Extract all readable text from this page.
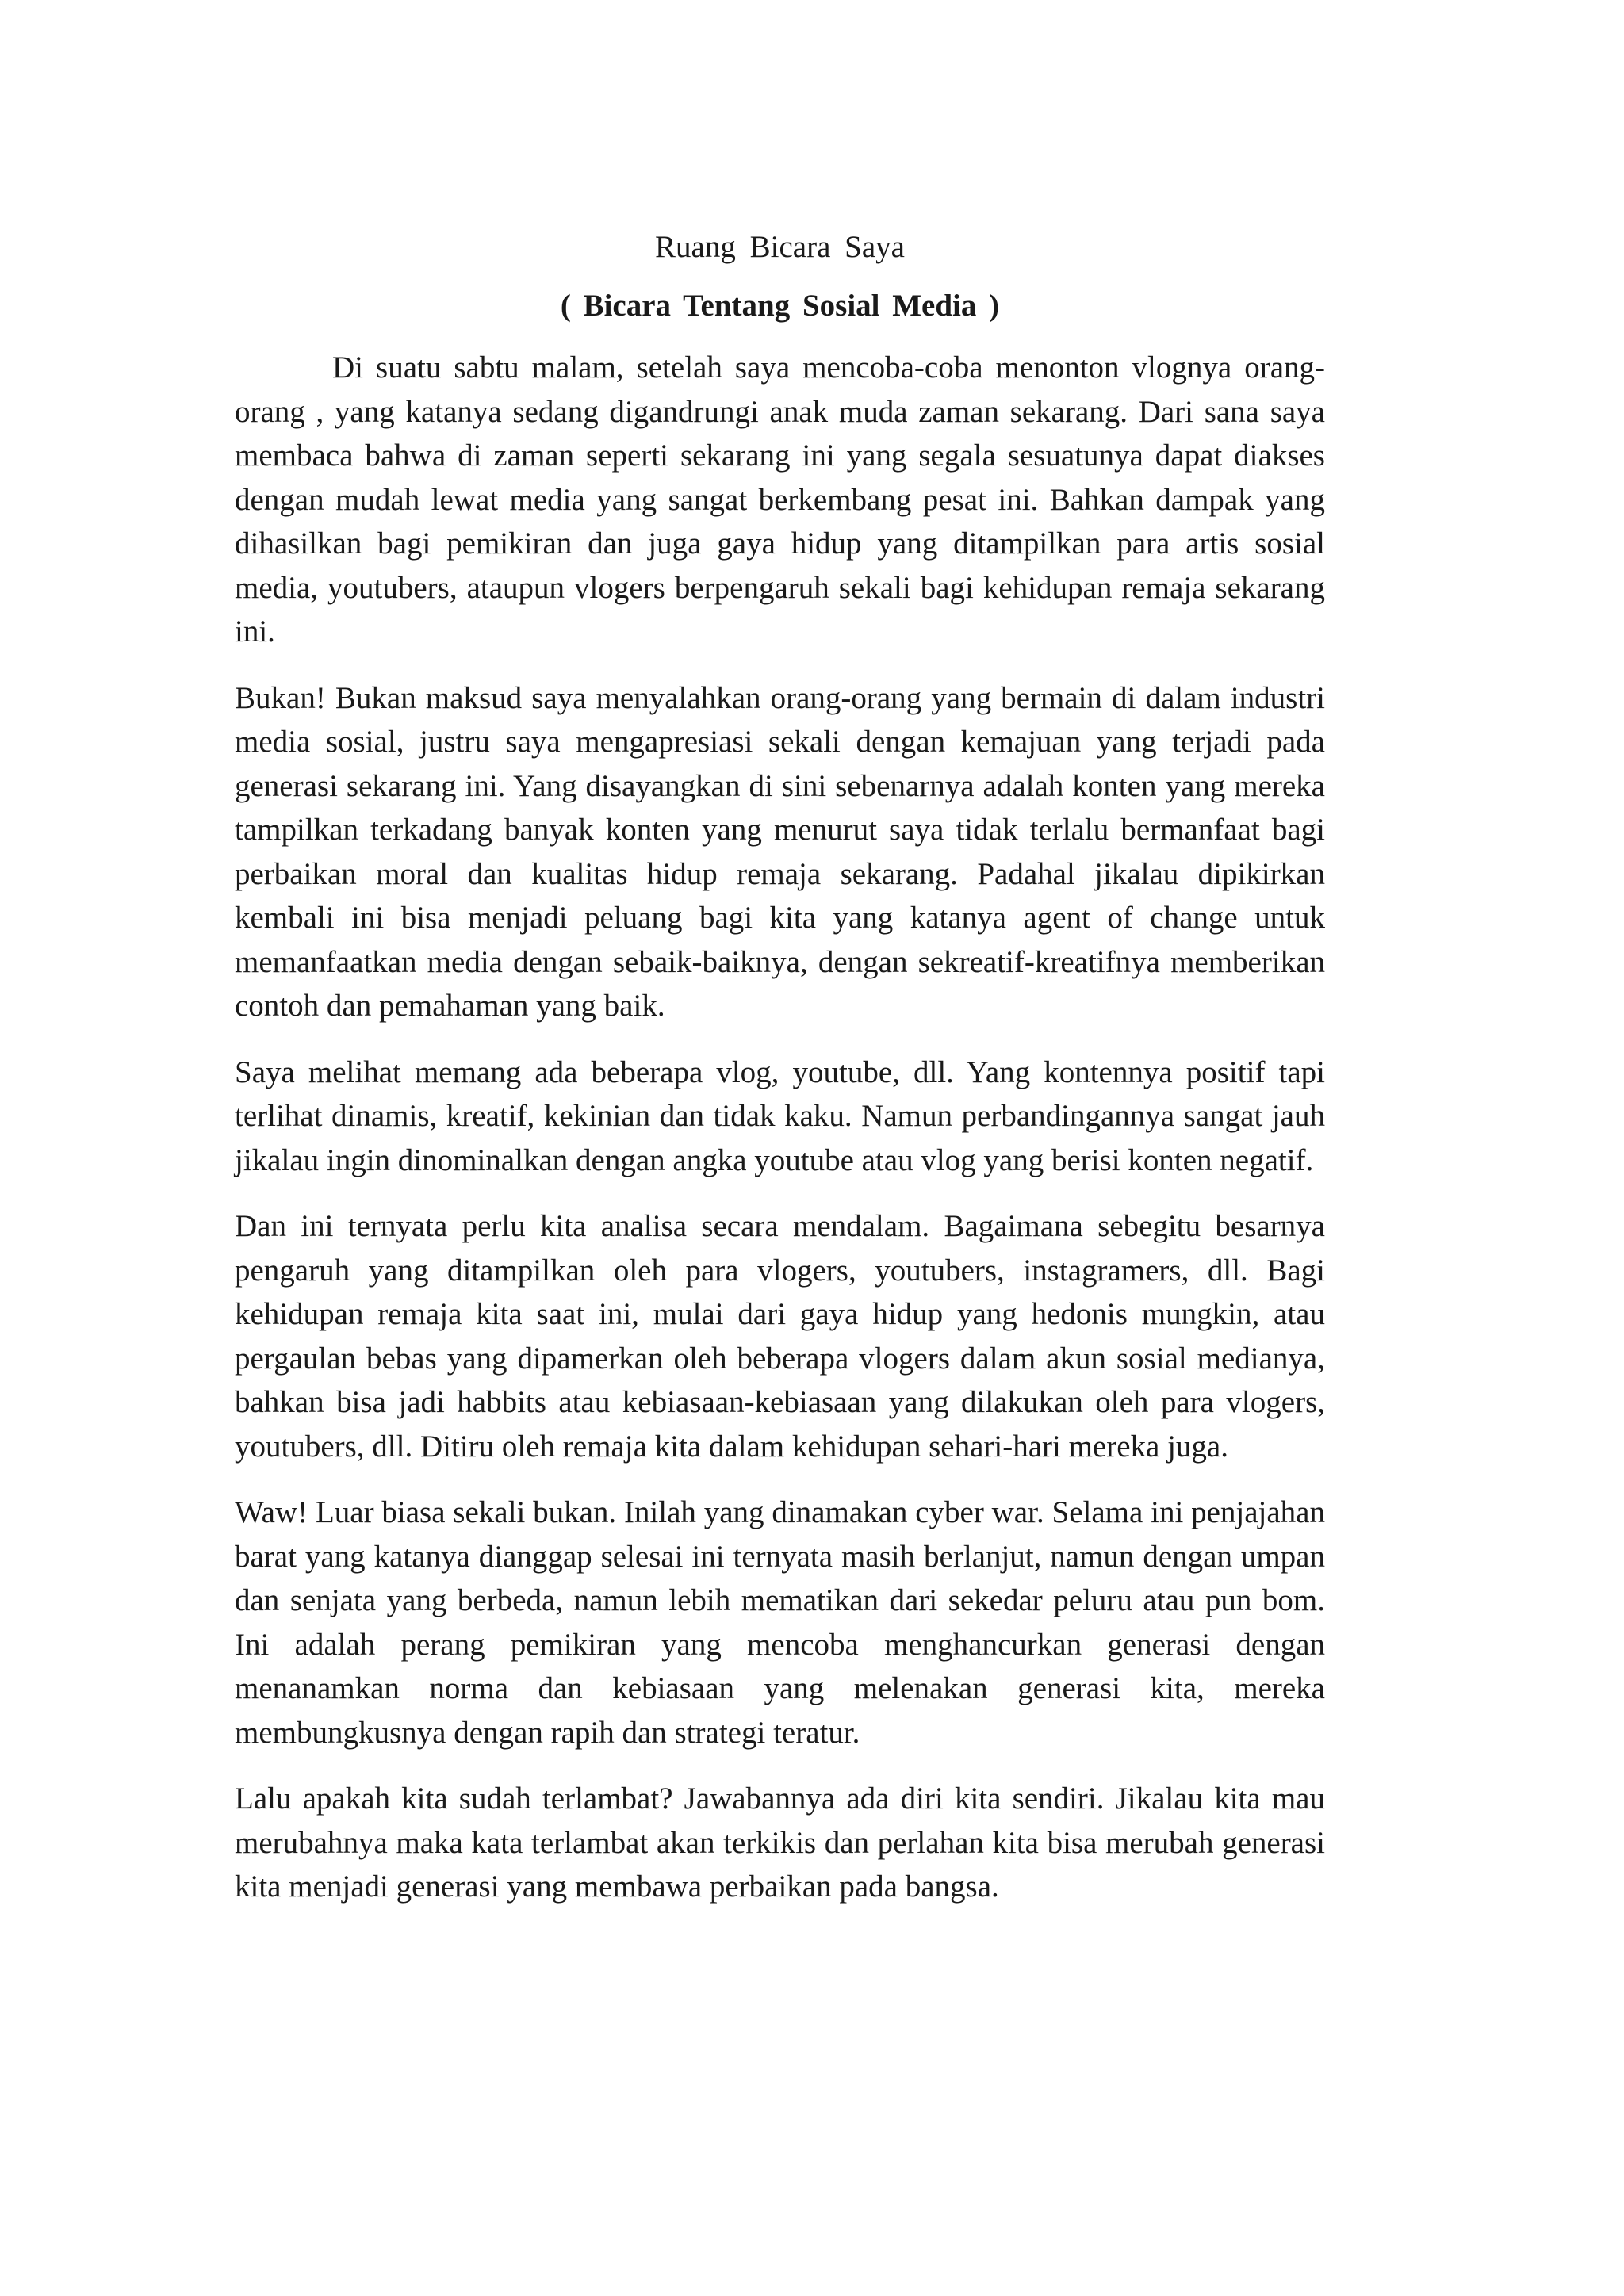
Ruang Bicara Saya
( Bicara Tentang Sosial Media )

Di suatu sabtu malam, setelah saya mencoba-coba menonton vlognya orang-orang , yang katanya sedang digandrungi anak muda zaman sekarang. Dari sana saya membaca bahwa di zaman seperti sekarang ini yang segala sesuatunya dapat diakses dengan mudah lewat media yang sangat berkembang pesat ini. Bahkan dampak yang dihasilkan bagi pemikiran dan juga gaya hidup yang ditampilkan para artis sosial media, youtubers, ataupun vlogers berpengaruh sekali bagi kehidupan remaja sekarang ini.

Bukan! Bukan maksud saya menyalahkan orang-orang yang bermain di dalam industri media sosial, justru saya mengapresiasi sekali dengan kemajuan yang terjadi pada generasi sekarang ini. Yang disayangkan di sini sebenarnya adalah konten yang mereka tampilkan terkadang banyak konten yang menurut saya tidak terlalu bermanfaat bagi perbaikan moral dan kualitas hidup remaja sekarang. Padahal jikalau dipikirkan kembali ini bisa menjadi peluang bagi kita yang katanya agent of change untuk memanfaatkan media dengan sebaik-baiknya, dengan sekreatif-kreatifnya memberikan contoh dan pemahaman yang baik.

Saya melihat memang ada beberapa vlog, youtube, dll. Yang kontennya positif tapi terlihat dinamis, kreatif, kekinian dan tidak kaku. Namun perbandingannya sangat jauh jikalau ingin dinominalkan dengan angka youtube atau vlog yang berisi konten negatif.

Dan ini ternyata perlu kita analisa secara mendalam. Bagaimana sebegitu besarnya pengaruh yang ditampilkan oleh para vlogers, youtubers, instagramers, dll. Bagi kehidupan remaja kita saat ini, mulai dari gaya hidup yang hedonis mungkin, atau pergaulan bebas yang dipamerkan oleh beberapa vlogers dalam akun sosial medianya, bahkan bisa jadi habbits atau kebiasaan-kebiasaan yang dilakukan oleh para vlogers, youtubers, dll. Ditiru oleh remaja kita dalam kehidupan sehari-hari mereka juga.

Waw! Luar biasa sekali bukan. Inilah yang dinamakan cyber war. Selama ini penjajahan barat yang katanya dianggap selesai ini ternyata masih berlanjut, namun dengan umpan dan senjata yang berbeda, namun lebih mematikan dari sekedar peluru atau pun bom. Ini adalah perang pemikiran yang mencoba menghancurkan generasi dengan menanamkan norma dan kebiasaan yang melenakan generasi kita, mereka membungkusnya dengan rapih dan strategi teratur.

Lalu apakah kita sudah terlambat? Jawabannya ada diri kita sendiri. Jikalau kita mau merubahnya maka kata terlambat akan terkikis dan perlahan kita bisa merubah generasi kita menjadi generasi yang membawa perbaikan pada bangsa.
